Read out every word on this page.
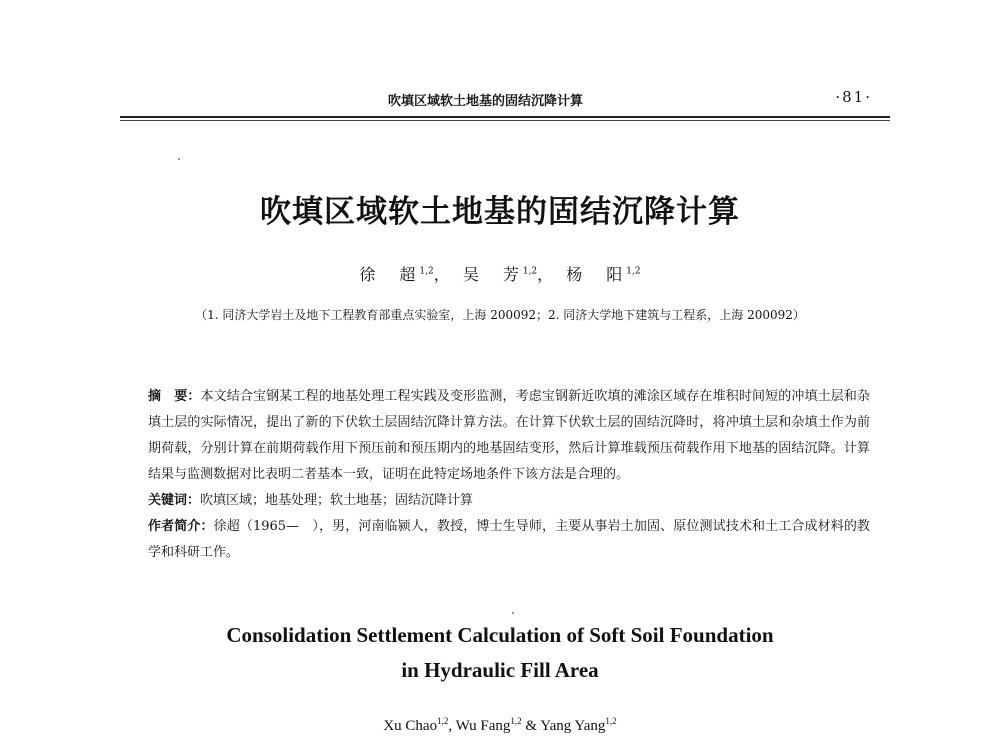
吹填区域软土地基的固结沉降计算	·81·
吹填区域软土地基的固结沉降计算
徐　超$^{1,2}$， 吴　芳$^{1,2}$， 杨　阳$^{1,2}$
（1. 同济大学岩土及地下工程教育部重点实验室，上海 200092；2. 同济大学地下建筑与工程系，上海 200092）

摘　要：本文结合宝钢某工程的地基处理工程实践及变形监测，考虑宝钢新近吹填的滩涂区域存在堆积时间短的冲填土层和杂填土层的实际情况，提出了新的下伏软土层固结沉降计算方法。在计算下伏软土层的固结沉降时，将冲填土层和杂填土作为前期荷载，分别计算在前期荷载作用下预压前和预压期内的地基固结变形，然后计算堆载预压荷载作用下地基的固结沉降。计算结果与监测数据对比表明二者基本一致，证明在此特定场地条件下该方法是合理的。

关键词：吹填区域；地基处理；软土地基；固结沉降计算

作者简介：徐超（1965—　），男，河南临颍人，教授，博士生导师，主要从事岩土加固、原位测试技术和土工合成材料的教学和科研工作。

Consolidation Settlement Calculation of Soft Soil Foundation
in Hydraulic Fill Area
Xu Chao$^{1,2}$, Wu Fang$^{1,2}$ & Yang Yang$^{1,2}$
